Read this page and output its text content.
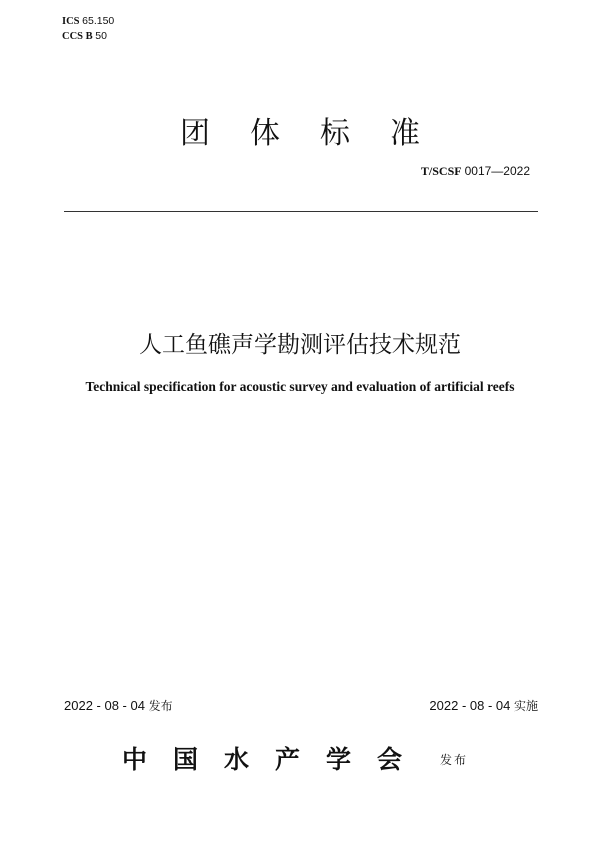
ICS 65.150
CCS B 50
团体标准
T/SCSF 0017—2022
人工鱼礁声学勘测评估技术规范
Technical specification for acoustic survey and evaluation of artificial reefs
2022 - 08 - 04 发布	2022 - 08 - 04 实施
中国水产学会 发布
